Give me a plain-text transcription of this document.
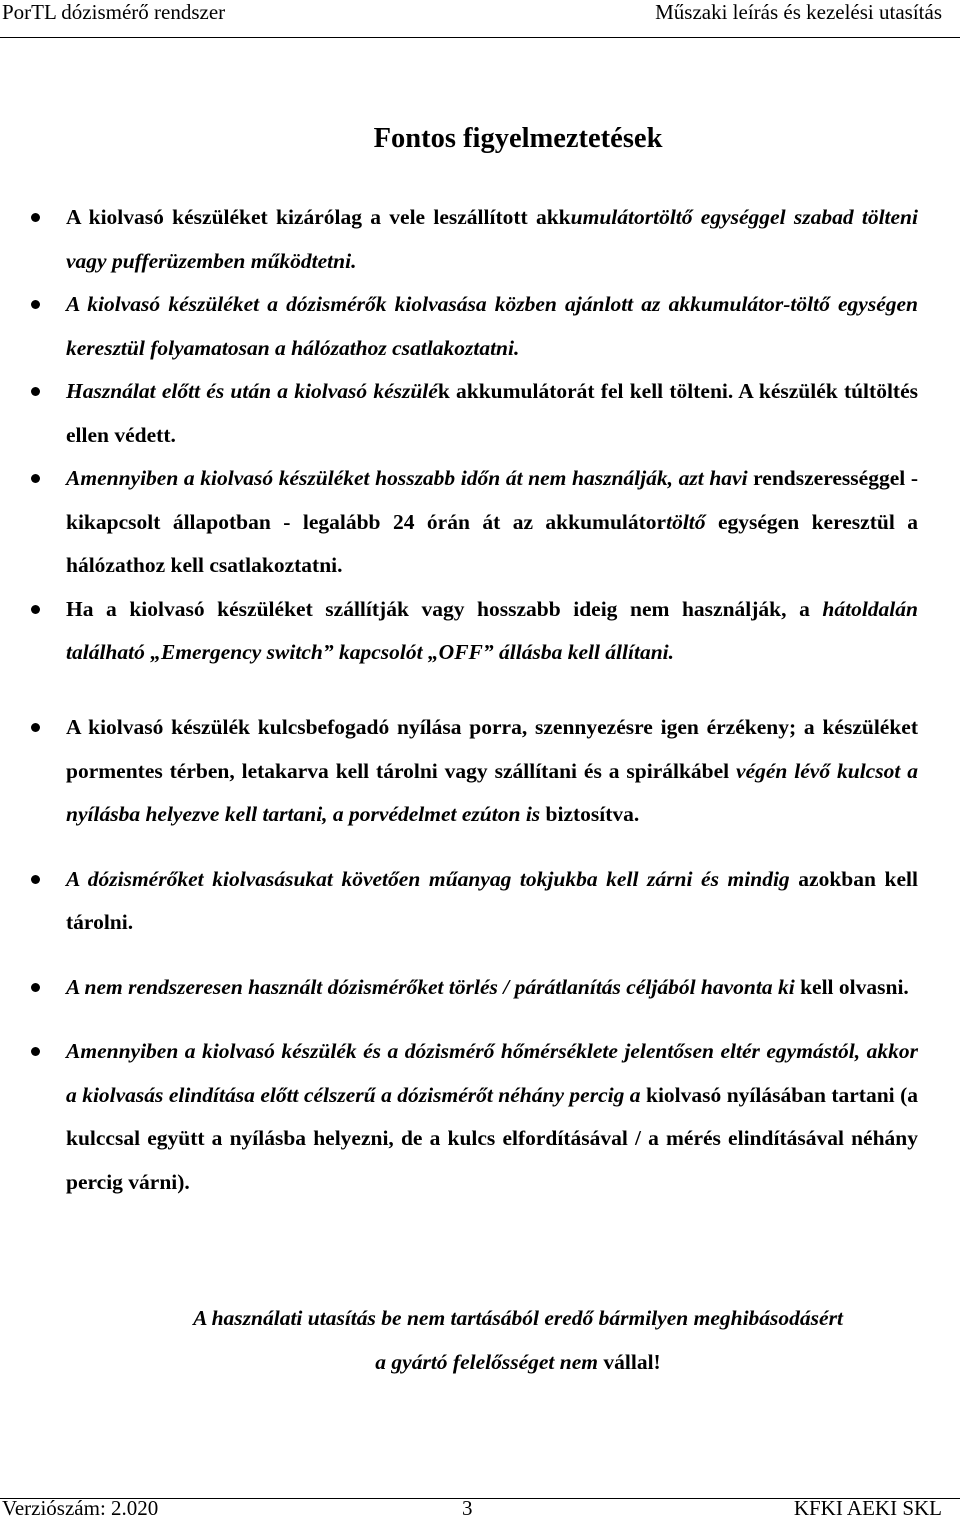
PorTL dózismérő rendszer	Műszaki leírás és kezelési utasítás
Fontos figyelmeztetések
A kiolvasó készüléket kizárólag a vele leszállított akkumulátortöltő egységgel szabad tölteni vagy pufferüzemben működtetni.
A kiolvasó készüléket a dózismérők kiolvasása közben ajánlott az akkumulátor-töltő egységen keresztül folyamatosan a hálózathoz csatlakoztatni.
Használat előtt és után a kiolvasó készülék akkumulátorát fel kell tölteni. A készülék túltöltés ellen védett.
Amennyiben a kiolvasó készüléket hosszabb időn át nem használják, azt havi rendszerességgel - kikapcsolt állapotban - legalább 24 órán át az akkumulátortöltő egységen keresztül a hálózathoz kell csatlakoztatni.
Ha a kiolvasó készüléket szállítják vagy hosszabb ideig nem használják, a hátoldalán található „Emergency switch” kapcsolót „OFF” állásba kell állítani.
A kiolvasó készülék kulcsbefogadó nyílása porra, szennyezésre igen érzékeny; a készüléket pormentes térben, letakarva kell tárolni vagy szállítani és a spirálkábel végén lévő kulcsot a nyílásba helyezve kell tartani, a porvédelmet ezúton is biztosítva.
A dózismérőket kiolvasásukat követően műanyag tokjukba kell zárni és mindig azokban kell tárolni.
A nem rendszeresen használt dózismérőket törlés / párátlanítás céljából havonta ki kell olvasni.
Amennyiben a kiolvasó készülék és a dózismérő hőmérséklete jelentősen eltér egymástól, akkor a kiolvasás elindítása előtt célszerű a dózismérőt néhány percig a kiolvasó nyílásában tartani (a kulccsal együtt a nyílásba helyezni, de a kulcs elfordításával / a mérés elindításával néhány percig várni).
A használati utasítás be nem tartásából eredő bármilyen meghibásodásért
a gyártó felelősséget nem vállal!
Verziószám: 2.020	3	KFKI AEKI SKL
